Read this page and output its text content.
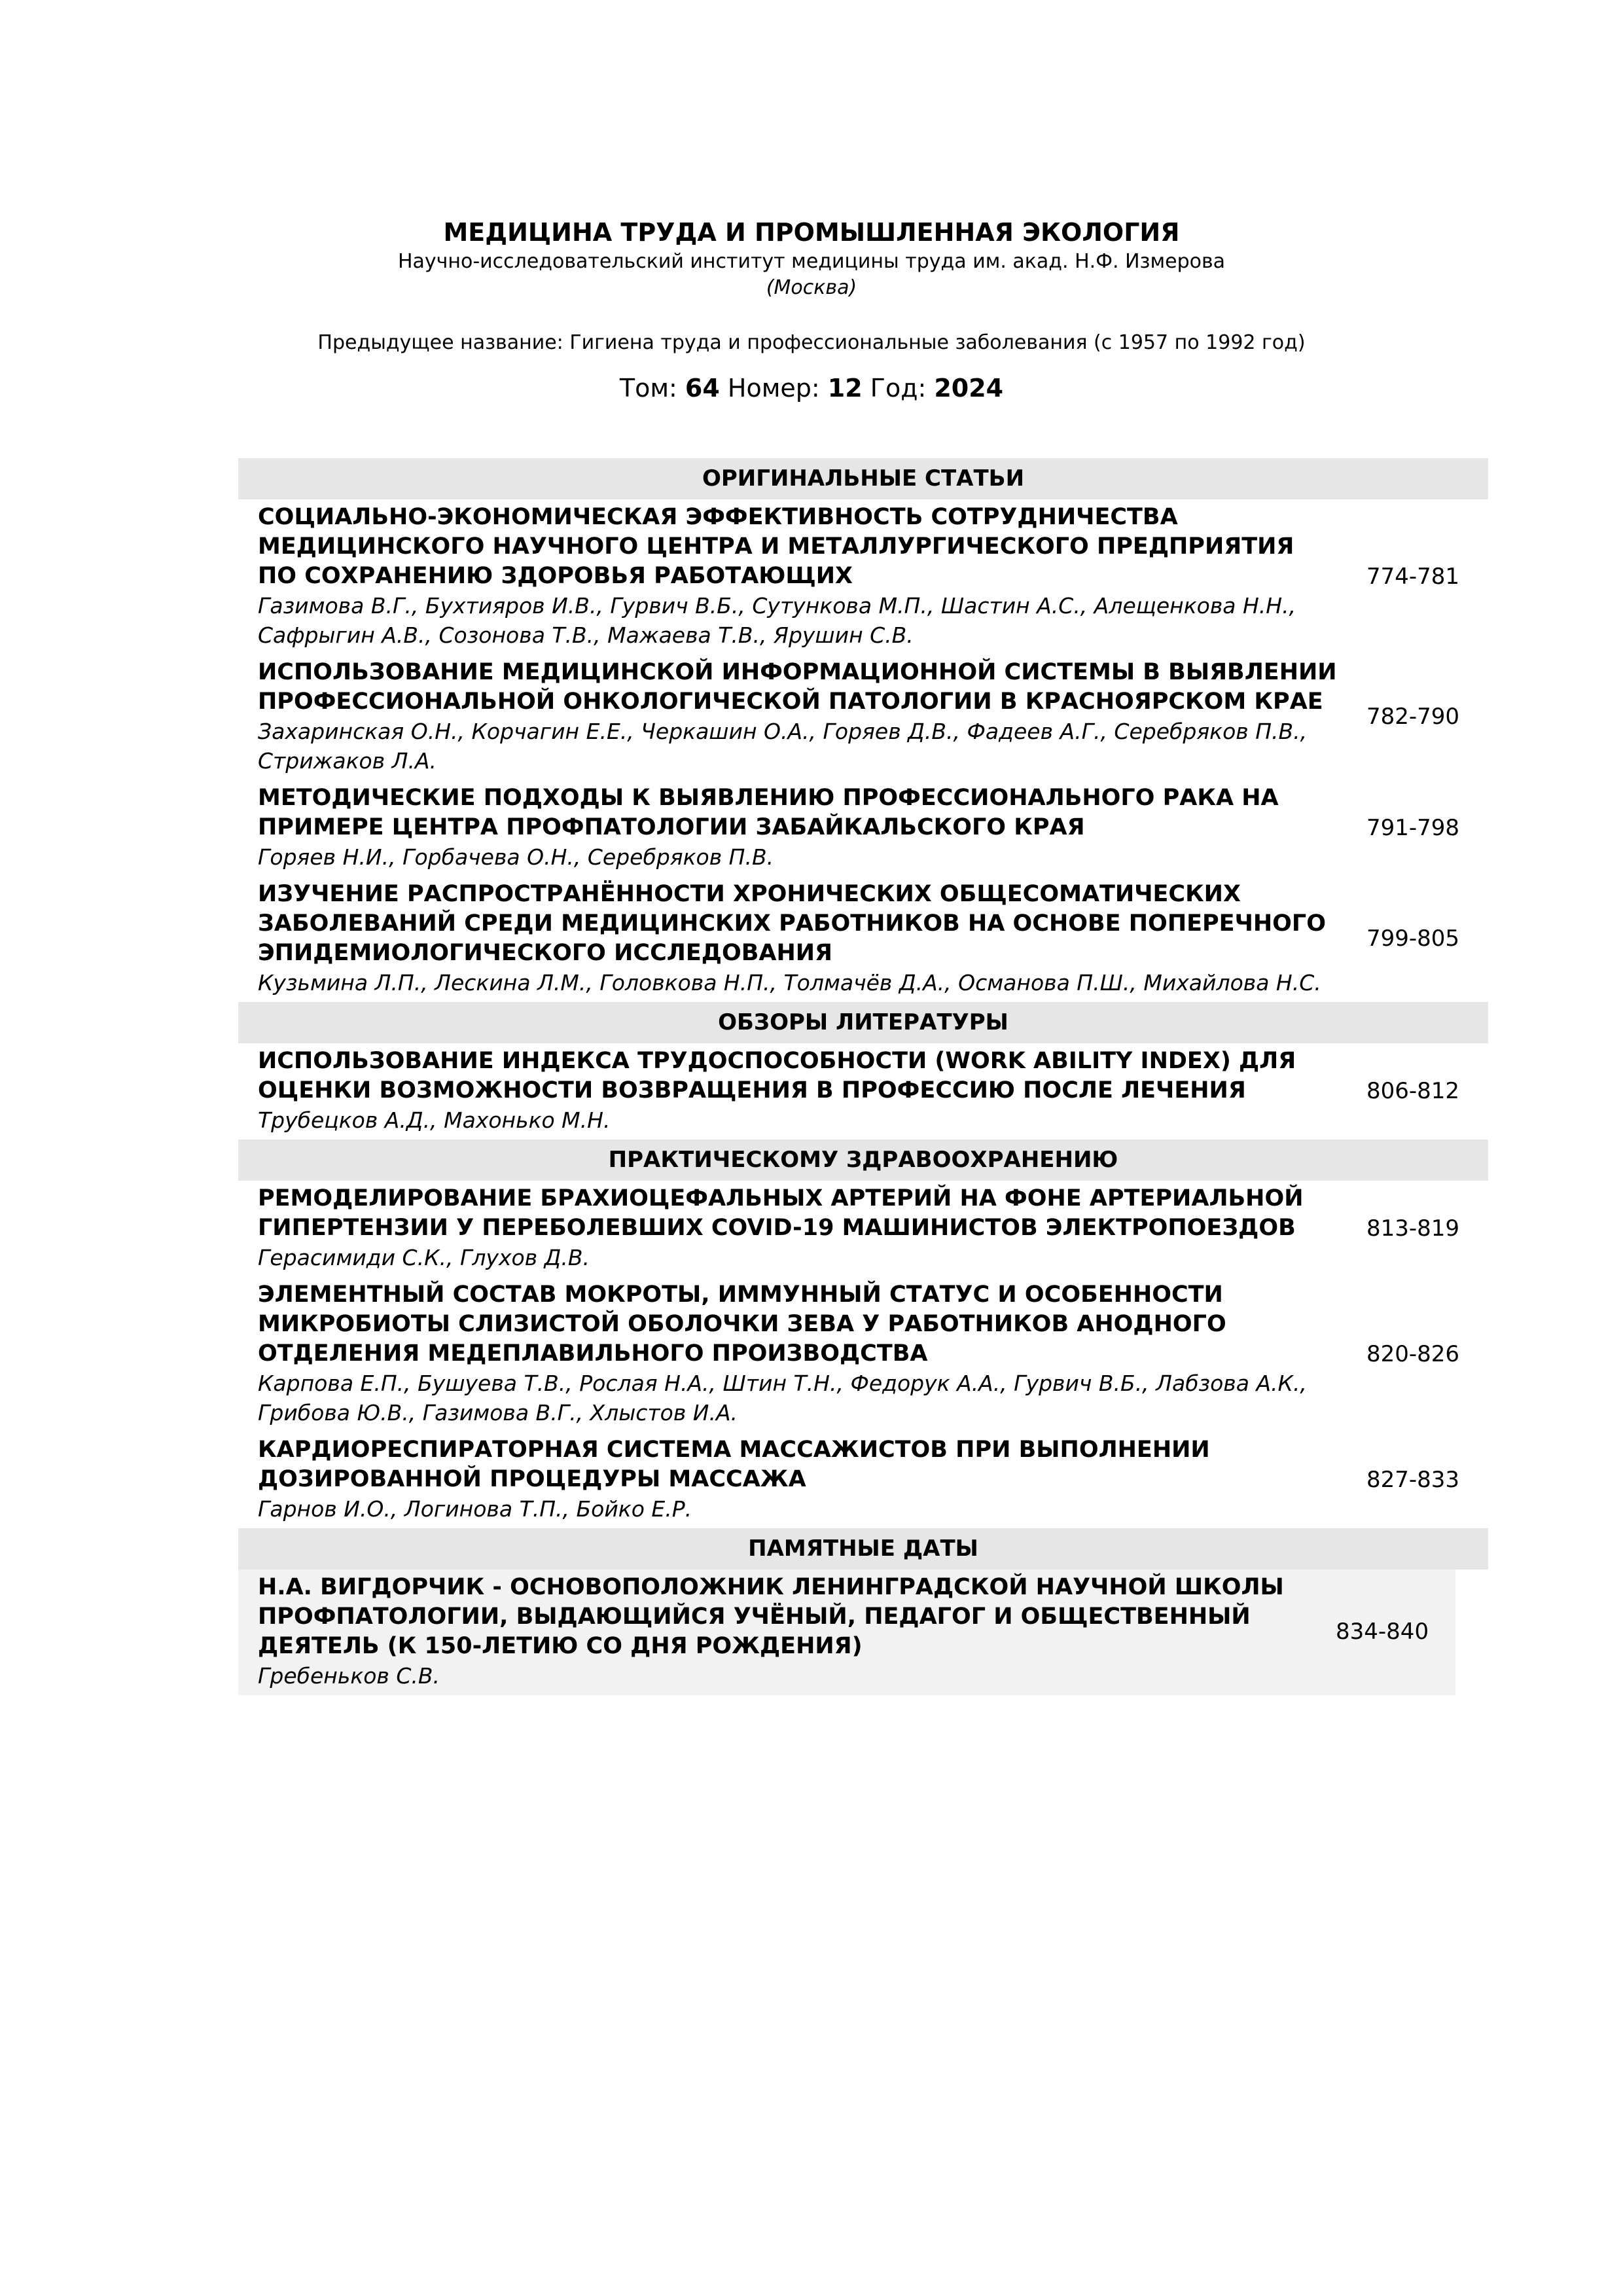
МЕДИЦИНА ТРУДА И ПРОМЫШЛЕННАЯ ЭКОЛОГИЯ
Научно-исследовательский институт медицины труда им. акад. Н.Ф. Измерова
(Москва)
Предыдущее название: Гигиена труда и профессиональные заболевания (с 1957 по 1992 год)
Том: 64 Номер: 12 Год: 2024
ОРИГИНАЛЬНЫЕ СТАТЬИ
СОЦИАЛЬНО-ЭКОНОМИЧЕСКАЯ ЭФФЕКТИВНОСТЬ СОТРУДНИЧЕСТВА МЕДИЦИНСКОГО НАУЧНОГО ЦЕНТРА И МЕТАЛЛУРГИЧЕСКОГО ПРЕДПРИЯТИЯ ПО СОХРАНЕНИЮ ЗДОРОВЬЯ РАБОТАЮЩИХ
Газимова В.Г., Бухтияров И.В., Гурвич В.Б., Сутункова М.П., Шастин А.С., Алещенкова Н.Н., Сафрыгин А.В., Созонова Т.В., Мажаева Т.В., Ярушин С.В.
774-781
ИСПОЛЬЗОВАНИЕ МЕДИЦИНСКОЙ ИНФОРМАЦИОННОЙ СИСТЕМЫ В ВЫЯВЛЕНИИ ПРОФЕССИОНАЛЬНОЙ ОНКОЛОГИЧЕСКОЙ ПАТОЛОГИИ В КРАСНОЯРСКОМ КРАЕ
Захаринская О.Н., Корчагин Е.Е., Черкашин О.А., Горяев Д.В., Фадеев А.Г., Серебряков П.В., Стрижаков Л.А.
782-790
МЕТОДИЧЕСКИЕ ПОДХОДЫ К ВЫЯВЛЕНИЮ ПРОФЕССИОНАЛЬНОГО РАКА НА ПРИМЕРЕ ЦЕНТРА ПРОФПАТОЛОГИИ ЗАБАЙКАЛЬСКОГО КРАЯ
Горяев Н.И., Горбачева О.Н., Серебряков П.В.
791-798
ИЗУЧЕНИЕ РАСПРОСТРАНЁННОСТИ ХРОНИЧЕСКИХ ОБЩЕСОМАТИЧЕСКИХ ЗАБОЛЕВАНИЙ СРЕДИ МЕДИЦИНСКИХ РАБОТНИКОВ НА ОСНОВЕ ПОПЕРЕЧНОГО ЭПИДЕМИОЛОГИЧЕСКОГО ИССЛЕДОВАНИЯ
Кузьмина Л.П., Лескина Л.М., Головкова Н.П., Толмачёв Д.А., Османова П.Ш., Михайлова Н.С.
799-805
ОБЗОРЫ ЛИТЕРАТУРЫ
ИСПОЛЬЗОВАНИЕ ИНДЕКСА ТРУДОСПОСОБНОСТИ (WORK ABILITY INDEX) ДЛЯ ОЦЕНКИ ВОЗМОЖНОСТИ ВОЗВРАЩЕНИЯ В ПРОФЕССИЮ ПОСЛЕ ЛЕЧЕНИЯ
Трубецков А.Д., Махонько М.Н.
806-812
ПРАКТИЧЕСКОМУ ЗДРАВООХРАНЕНИЮ
РЕМОДЕЛИРОВАНИЕ БРАХИОЦЕФАЛЬНЫХ АРТЕРИЙ НА ФОНЕ АРТЕРИАЛЬНОЙ ГИПЕРТЕНЗИИ У ПЕРЕБОЛЕВШИХ COVID-19 МАШИНИСТОВ ЭЛЕКТРОПОЕЗДОВ
Герасимиди С.К., Глухов Д.В.
813-819
ЭЛЕМЕНТНЫЙ СОСТАВ МОКРОТЫ, ИММУННЫЙ СТАТУС И ОСОБЕННОСТИ МИКРОБИОТЫ СЛИЗИСТОЙ ОБОЛОЧКИ ЗЕВА У РАБОТНИКОВ АНОДНОГО ОТДЕЛЕНИЯ МЕДЕПЛАВИЛЬНОГО ПРОИЗВОДСТВА
Карпова Е.П., Бушуева Т.В., Рослая Н.А., Штин Т.Н., Федорук А.А., Гурвич В.Б., Лабзова А.К., Грибова Ю.В., Газимова В.Г., Хлыстов И.А.
820-826
КАРДИОРЕСПИРАТОРНАЯ СИСТЕМА МАССАЖИСТОВ ПРИ ВЫПОЛНЕНИИ ДОЗИРОВАННОЙ ПРОЦЕДУРЫ МАССАЖА
Гарнов И.О., Логинова Т.П., Бойко Е.Р.
827-833
ПАМЯТНЫЕ ДАТЫ
Н.А. ВИГДОРЧИК - ОСНОВОПОЛОЖНИК ЛЕНИНГРАДСКОЙ НАУЧНОЙ ШКОЛЫ ПРОФПАТОЛОГИИ, ВЫДАЮЩИЙСЯ УЧЁНЫЙ, ПЕДАГОГ И ОБЩЕСТВЕННЫЙ ДЕЯТЕЛЬ (К 150-ЛЕТИЮ СО ДНЯ РОЖДЕНИЯ)
Гребеньков С.В.
834-840
